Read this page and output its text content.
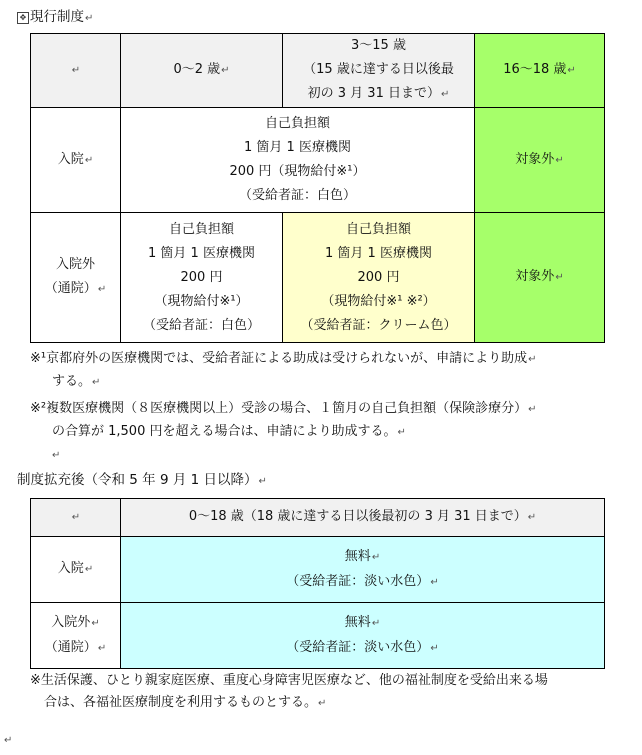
✥ 現行制度↵
↵	0～2 歳↵	3～15 歳
（15 歳に達する日以後最
初の 3 月 31 日まで）↵	16～18 歳↵
入院↵	自己負担額
1 箇月 1 医療機関
200 円（現物給付※¹）
（受給者証：白色）		対象外↵

入院外
（通院）↵	自己負担額
1 箇月 1 医療機関
200 円
（現物給付※¹）
（受給者証：白色）	自己負担額
1 箇月 1 医療機関
200 円
（現物給付※¹ ※²）
（受給者証：クリーム色）	対象外↵
※¹京都府外の医療機関では、受給者証による助成は受けられないが、申請により助成↵
する。↵
※²複数医療機関（８医療機関以上）受診の場合、１箇月の自己負担額（保険診療分）↵
の合算が 1,500 円を超える場合は、申請により助成する。↵
↵
制度拡充後（令和 5 年 9 月 1 日以降）↵
↵	0～18 歳（18 歳に達する日以後最初の 3 月 31 日まで）↵
入院↵	無料↵
（受給者証：淡い水色）↵

入院外↵
（通院）↵	無料↵
（受給者証：淡い水色）↵
※生活保護、ひとり親家庭医療、重度心身障害児医療など、他の福祉制度を受給出来る場
合は、各福祉医療制度を利用するものとする。↵
↵
